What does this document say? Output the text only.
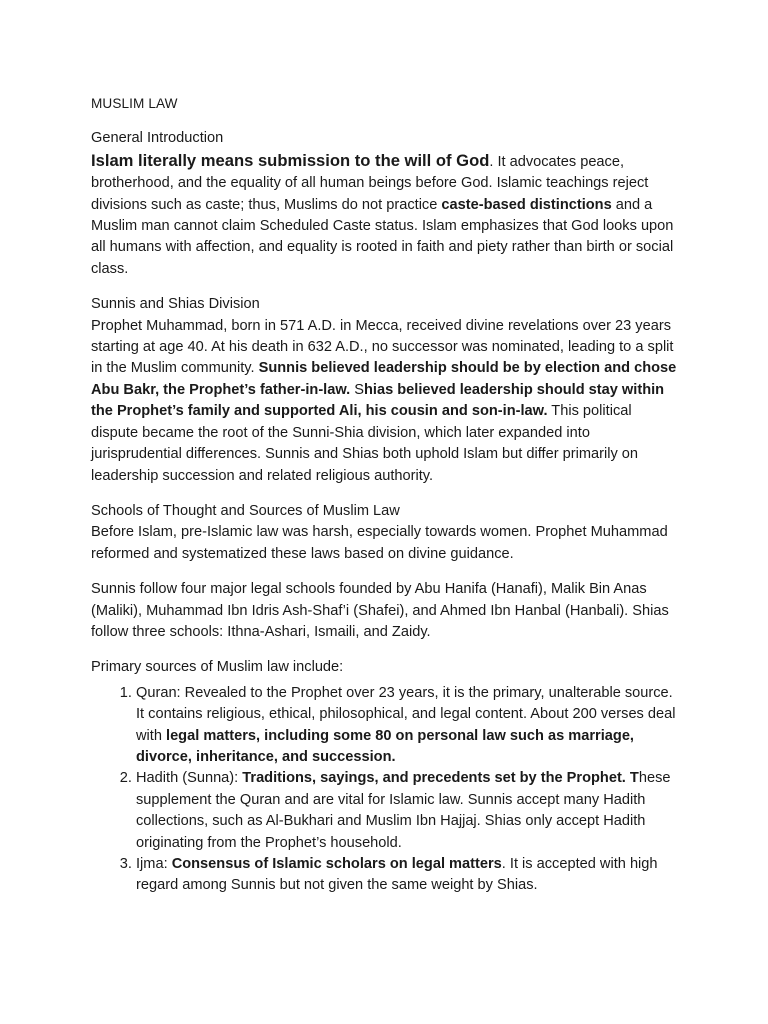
MUSLIM LAW

General Introduction

Islam literally means submission to the will of God. It advocates peace, brotherhood, and the equality of all human beings before God. Islamic teachings reject divisions such as caste; thus, Muslims do not practice caste-based distinctions and a Muslim man cannot claim Scheduled Caste status. Islam emphasizes that God looks upon all humans with affection, and equality is rooted in faith and piety rather than birth or social class.

Sunnis and Shias Division

Prophet Muhammad, born in 571 A.D. in Mecca, received divine revelations over 23 years starting at age 40. At his death in 632 A.D., no successor was nominated, leading to a split in the Muslim community. Sunnis believed leadership should be by election and chose Abu Bakr, the Prophet’s father-in-law. Shias believed leadership should stay within the Prophet’s family and supported Ali, his cousin and son-in-law. This political dispute became the root of the Sunni-Shia division, which later expanded into jurisprudential differences. Sunnis and Shias both uphold Islam but differ primarily on leadership succession and related religious authority.

Schools of Thought and Sources of Muslim Law

Before Islam, pre-Islamic law was harsh, especially towards women. Prophet Muhammad reformed and systematized these laws based on divine guidance.

Sunnis follow four major legal schools founded by Abu Hanifa (Hanafi), Malik Bin Anas (Maliki), Muhammad Ibn Idris Ash-Shaf’i (Shafei), and Ahmed Ibn Hanbal (Hanbali). Shias follow three schools: Ithna-Ashari, Ismaili, and Zaidy.

Primary sources of Muslim law include:

1. Quran: Revealed to the Prophet over 23 years, it is the primary, unalterable source. It contains religious, ethical, philosophical, and legal content. About 200 verses deal with legal matters, including some 80 on personal law such as marriage, divorce, inheritance, and succession.
2. Hadith (Sunna): Traditions, sayings, and precedents set by the Prophet. These supplement the Quran and are vital for Islamic law. Sunnis accept many Hadith collections, such as Al-Bukhari and Muslim Ibn Hajjaj. Shias only accept Hadith originating from the Prophet’s household.
3. Ijma: Consensus of Islamic scholars on legal matters. It is accepted with high regard among Sunnis but not given the same weight by Shias.
